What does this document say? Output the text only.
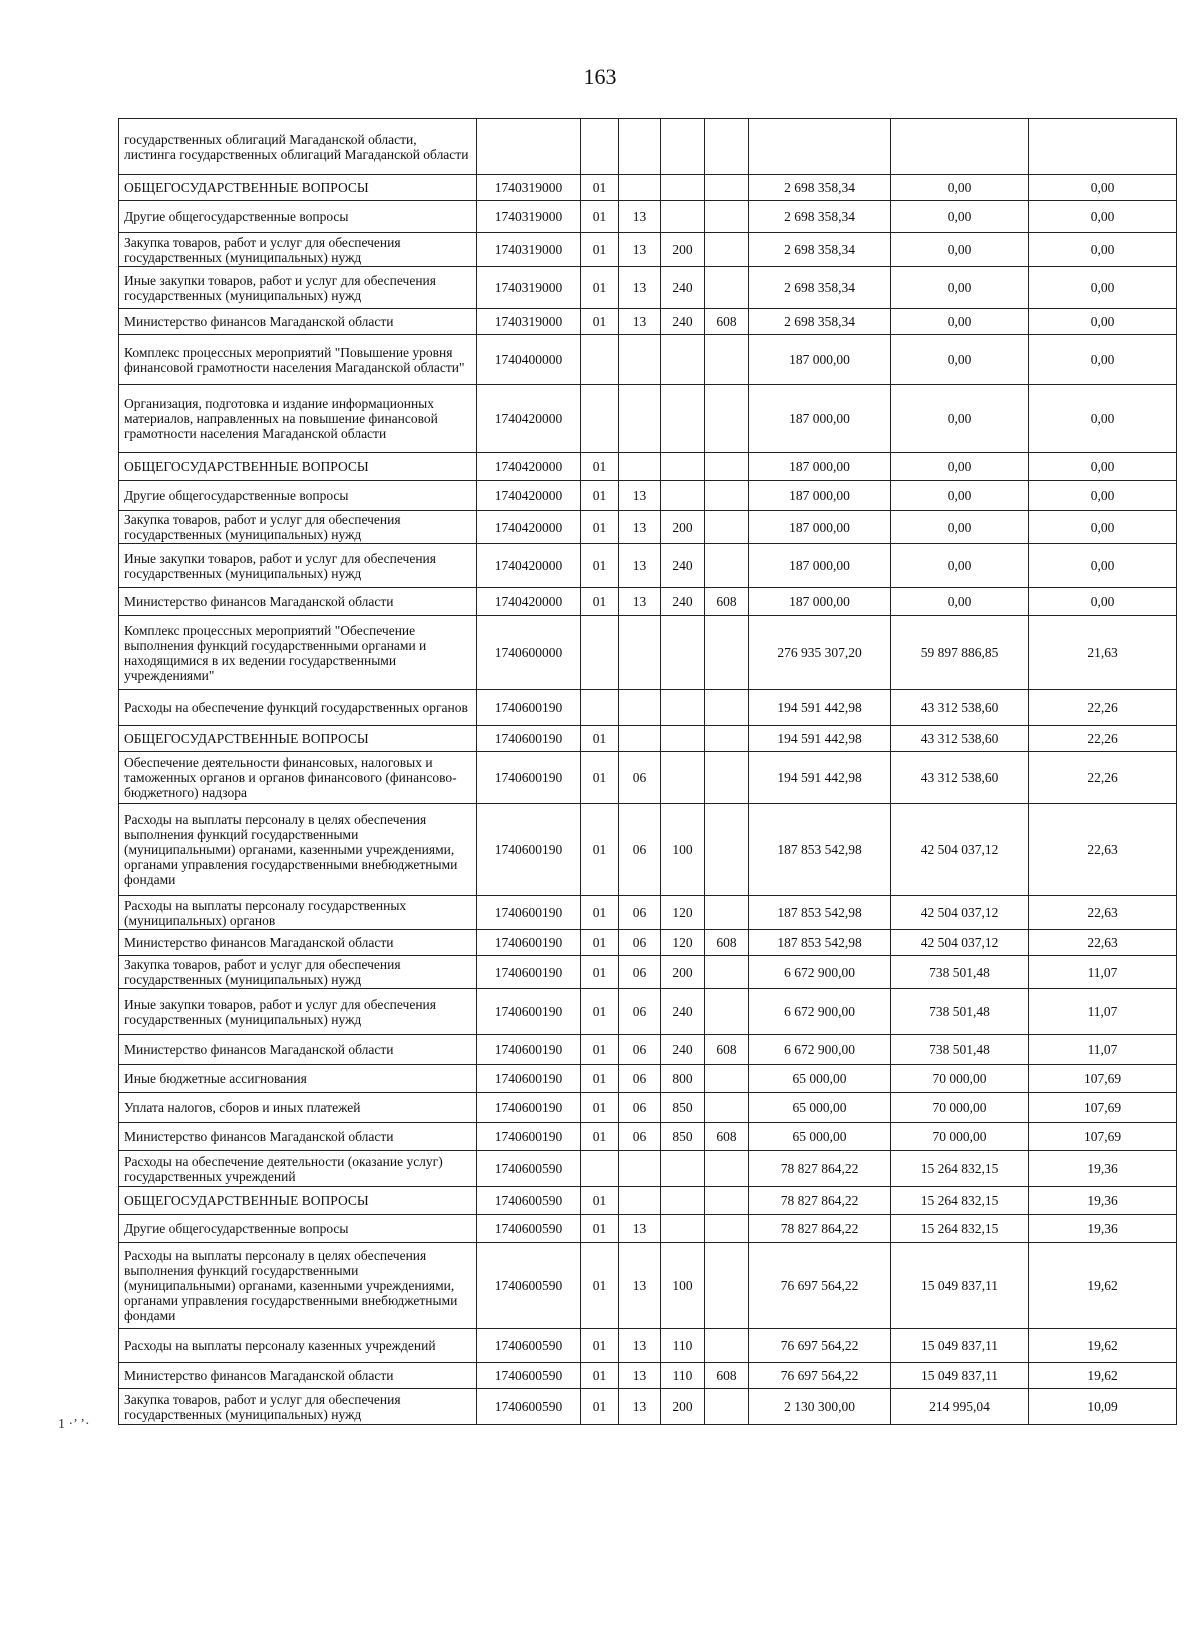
163
1 ·’ ’·
государственных облигаций Магаданской области, листинга государственных облигаций Магаданской области								
ОБЩЕГОСУДАРСТВЕННЫЕ ВОПРОСЫ	1740319000	01				2 698 358,34	0,00	0,00
Другие общегосударственные вопросы	1740319000	01	13			2 698 358,34	0,00	0,00
Закупка товаров, работ и услуг для обеспечения государственных (муниципальных) нужд	1740319000	01	13	200		2 698 358,34	0,00	0,00
Иные закупки товаров, работ и услуг для обеспечения государственных (муниципальных) нужд	1740319000	01	13	240		2 698 358,34	0,00	0,00
Министерство финансов Магаданской области	1740319000	01	13	240	608	2 698 358,34	0,00	0,00
Комплекс процессных мероприятий "Повышение уровня финансовой грамотности населения Магаданской области"	1740400000					187 000,00	0,00	0,00
Организация, подготовка и издание информационных материалов, направленных на повышение финансовой грамотности населения Магаданской области	1740420000					187 000,00	0,00	0,00
ОБЩЕГОСУДАРСТВЕННЫЕ ВОПРОСЫ	1740420000	01				187 000,00	0,00	0,00
Другие общегосударственные вопросы	1740420000	01	13			187 000,00	0,00	0,00
Закупка товаров, работ и услуг для обеспечения государственных (муниципальных) нужд	1740420000	01	13	200		187 000,00	0,00	0,00
Иные закупки товаров, работ и услуг для обеспечения государственных (муниципальных) нужд	1740420000	01	13	240		187 000,00	0,00	0,00
Министерство финансов Магаданской области	1740420000	01	13	240	608	187 000,00	0,00	0,00
Комплекс процессных мероприятий "Обеспечение выполнения функций государственными органами и находящимися в их ведении государственными учреждениями"	1740600000					276 935 307,20	59 897 886,85	21,63
Расходы на обеспечение функций государственных органов	1740600190					194 591 442,98	43 312 538,60	22,26
ОБЩЕГОСУДАРСТВЕННЫЕ ВОПРОСЫ	1740600190	01				194 591 442,98	43 312 538,60	22,26
Обеспечение деятельности финансовых, налоговых и таможенных органов и органов финансового (финансово-бюджетного) надзора	1740600190	01	06			194 591 442,98	43 312 538,60	22,26
Расходы на выплаты персоналу в целях обеспечения выполнения функций государственными (муниципальными) органами, казенными учреждениями, органами управления государственными внебюджетными фондами	1740600190	01	06	100		187 853 542,98	42 504 037,12	22,63
Расходы на выплаты персоналу государственных (муниципальных) органов	1740600190	01	06	120		187 853 542,98	42 504 037,12	22,63
Министерство финансов Магаданской области	1740600190	01	06	120	608	187 853 542,98	42 504 037,12	22,63
Закупка товаров, работ и услуг для обеспечения государственных (муниципальных) нужд	1740600190	01	06	200		6 672 900,00	738 501,48	11,07
Иные закупки товаров, работ и услуг для обеспечения государственных (муниципальных) нужд	1740600190	01	06	240		6 672 900,00	738 501,48	11,07
Министерство финансов Магаданской области	1740600190	01	06	240	608	6 672 900,00	738 501,48	11,07
Иные бюджетные ассигнования	1740600190	01	06	800		65 000,00	70 000,00	107,69
Уплата налогов, сборов и иных платежей	1740600190	01	06	850		65 000,00	70 000,00	107,69
Министерство финансов Магаданской области	1740600190	01	06	850	608	65 000,00	70 000,00	107,69
Расходы на обеспечение деятельности (оказание услуг) государственных учреждений	1740600590					78 827 864,22	15 264 832,15	19,36
ОБЩЕГОСУДАРСТВЕННЫЕ ВОПРОСЫ	1740600590	01				78 827 864,22	15 264 832,15	19,36
Другие общегосударственные вопросы	1740600590	01	13			78 827 864,22	15 264 832,15	19,36
Расходы на выплаты персоналу в целях обеспечения выполнения функций государственными (муниципальными) органами, казенными учреждениями, органами управления государственными внебюджетными фондами	1740600590	01	13	100		76 697 564,22	15 049 837,11	19,62
Расходы на выплаты персоналу казенных учреждений	1740600590	01	13	110		76 697 564,22	15 049 837,11	19,62
Министерство финансов Магаданской области	1740600590	01	13	110	608	76 697 564,22	15 049 837,11	19,62
Закупка товаров, работ и услуг для обеспечения государственных (муниципальных) нужд	1740600590	01	13	200		2 130 300,00	214 995,04	10,09
